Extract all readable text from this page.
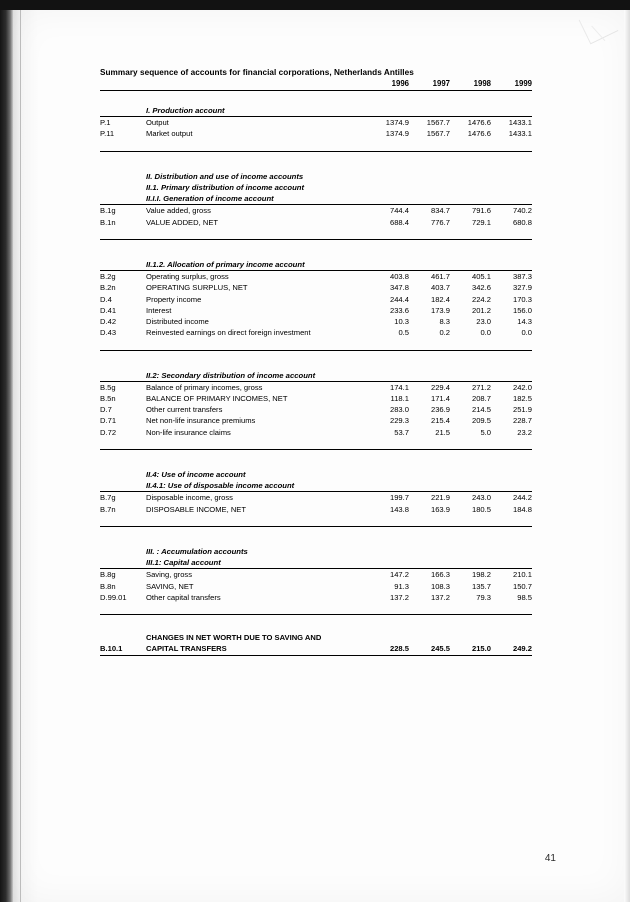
Summary sequence of accounts for financial corporations, Netherlands Antilles
		1996	1997	1998	1999

	I. Production account				
P.1	Output	1374.9	1567.7	1476.6	1433.1
P.11	Market output	1374.9	1567.7	1476.6	1433.1

	II. Distribution and use of income accounts				
	II.1. Primary distribution of income account				
	II.I.I. Generation of income account				
B.1g	Value added, gross	744.4	834.7	791.6	740.2
B.1n	VALUE ADDED, NET	688.4	776.7	729.1	680.8

	II.1.2. Allocation of primary income account				
B.2g	Operating surplus, gross	403.8	461.7	405.1	387.3
B.2n	OPERATING SURPLUS, NET	347.8	403.7	342.6	327.9
D.4	Property income	244.4	182.4	224.2	170.3
D.41	Interest	233.6	173.9	201.2	156.0
D.42	Distributed income	10.3	8.3	23.0	14.3
D.43	Reinvested earnings on direct foreign investment	0.5	0.2	0.0	0.0

	II.2: Secondary distribution of income account				
B.5g	Balance of primary incomes, gross	174.1	229.4	271.2	242.0
B.5n	BALANCE OF PRIMARY INCOMES, NET	118.1	171.4	208.7	182.5
D.7	Other current transfers	283.0	236.9	214.5	251.9
D.71	Net non-life insurance premiums	229.3	215.4	209.5	228.7
D.72	Non-life insurance claims	53.7	21.5	5.0	23.2

	II.4: Use of income account				
	II.4.1: Use of disposable income account				
B.7g	Disposable income, gross	199.7	221.9	243.0	244.2
B.7n	DISPOSABLE INCOME, NET	143.8	163.9	180.5	184.8

	III. : Accumulation accounts				
	III.1: Capital account				
B.8g	Saving, gross	147.2	166.3	198.2	210.1
B.8n	SAVING, NET	91.3	108.3	135.7	150.7
D.99.01	Other capital transfers	137.2	137.2	79.3	98.5

	CHANGES IN NET WORTH DUE TO SAVING AND				
B.10.1	CAPITAL TRANSFERS	228.5	245.5	215.0	249.2

41
